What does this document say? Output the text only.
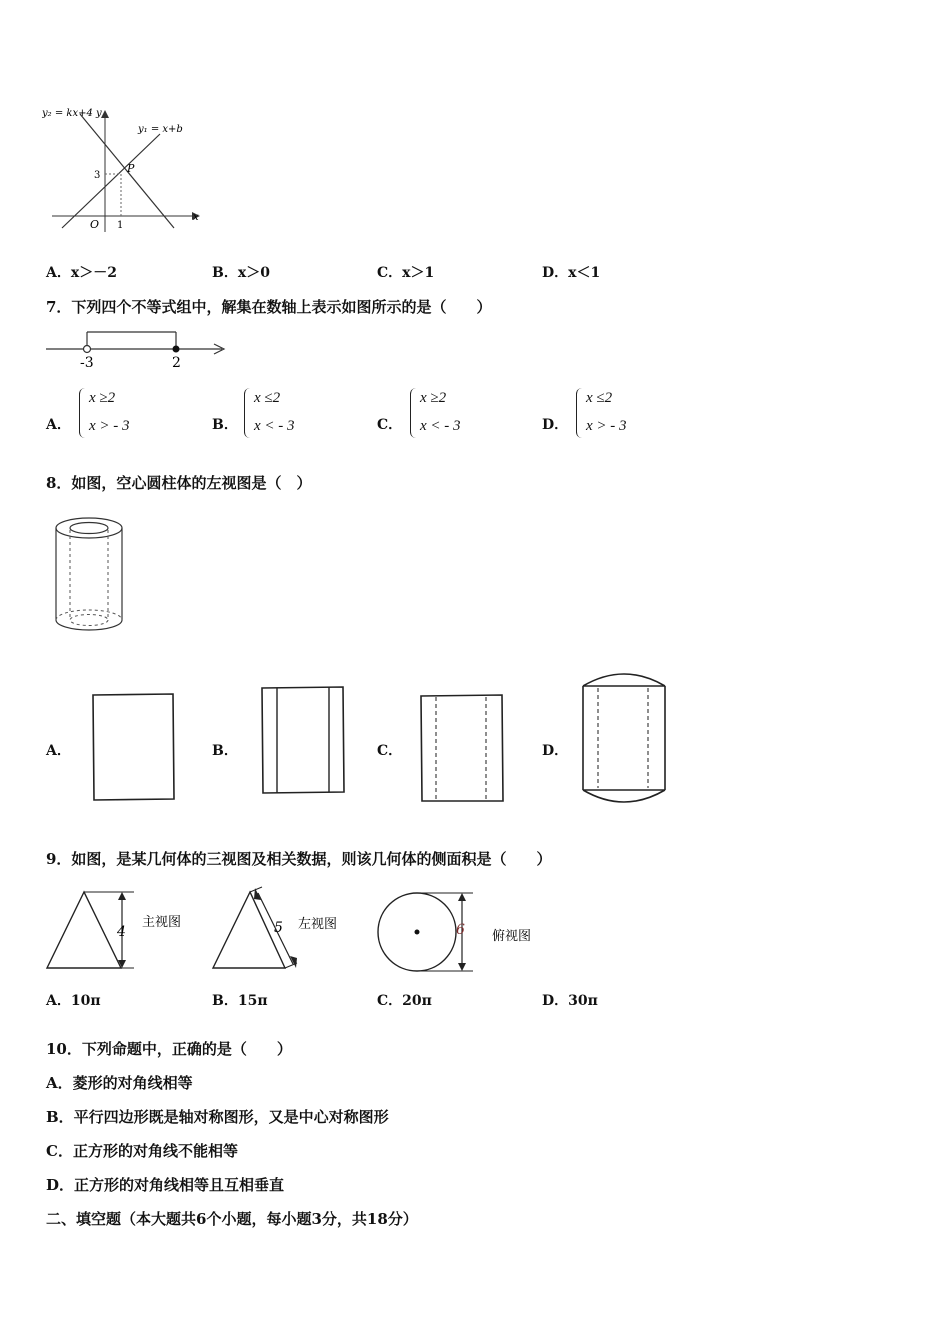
y₂ = kx+4 y
y₁ = x+b
P
3
1
O
x
A．x＞－2	B．x＞0	C．x＞1	D．x＜1
7．下列四个不等式组中，解集在数轴上表示如图所示的是（　　）
-3	2
A．
x ≥2
x > - 3	B．
x ≤2
x < - 3	C．
x ≥2
x < - 3	D．
x ≤2
x > - 3
8．如图，空心圆柱体的左视图是（　）
A．	B．	C．	D．
9．如图，是某几何体的三视图及相关数据，则该几何体的侧面积是（　　）
4
主视图	5 左视图	6 俯视图
A．10π	B．15π	C．20π	D．30π
10．下列命题中，正确的是（　　）
A．菱形的对角线相等
B．平行四边形既是轴对称图形，又是中心对称图形
C．正方形的对角线不能相等
D．正方形的对角线相等且互相垂直
二、填空题（本大题共6个小题，每小题3分，共18分）
